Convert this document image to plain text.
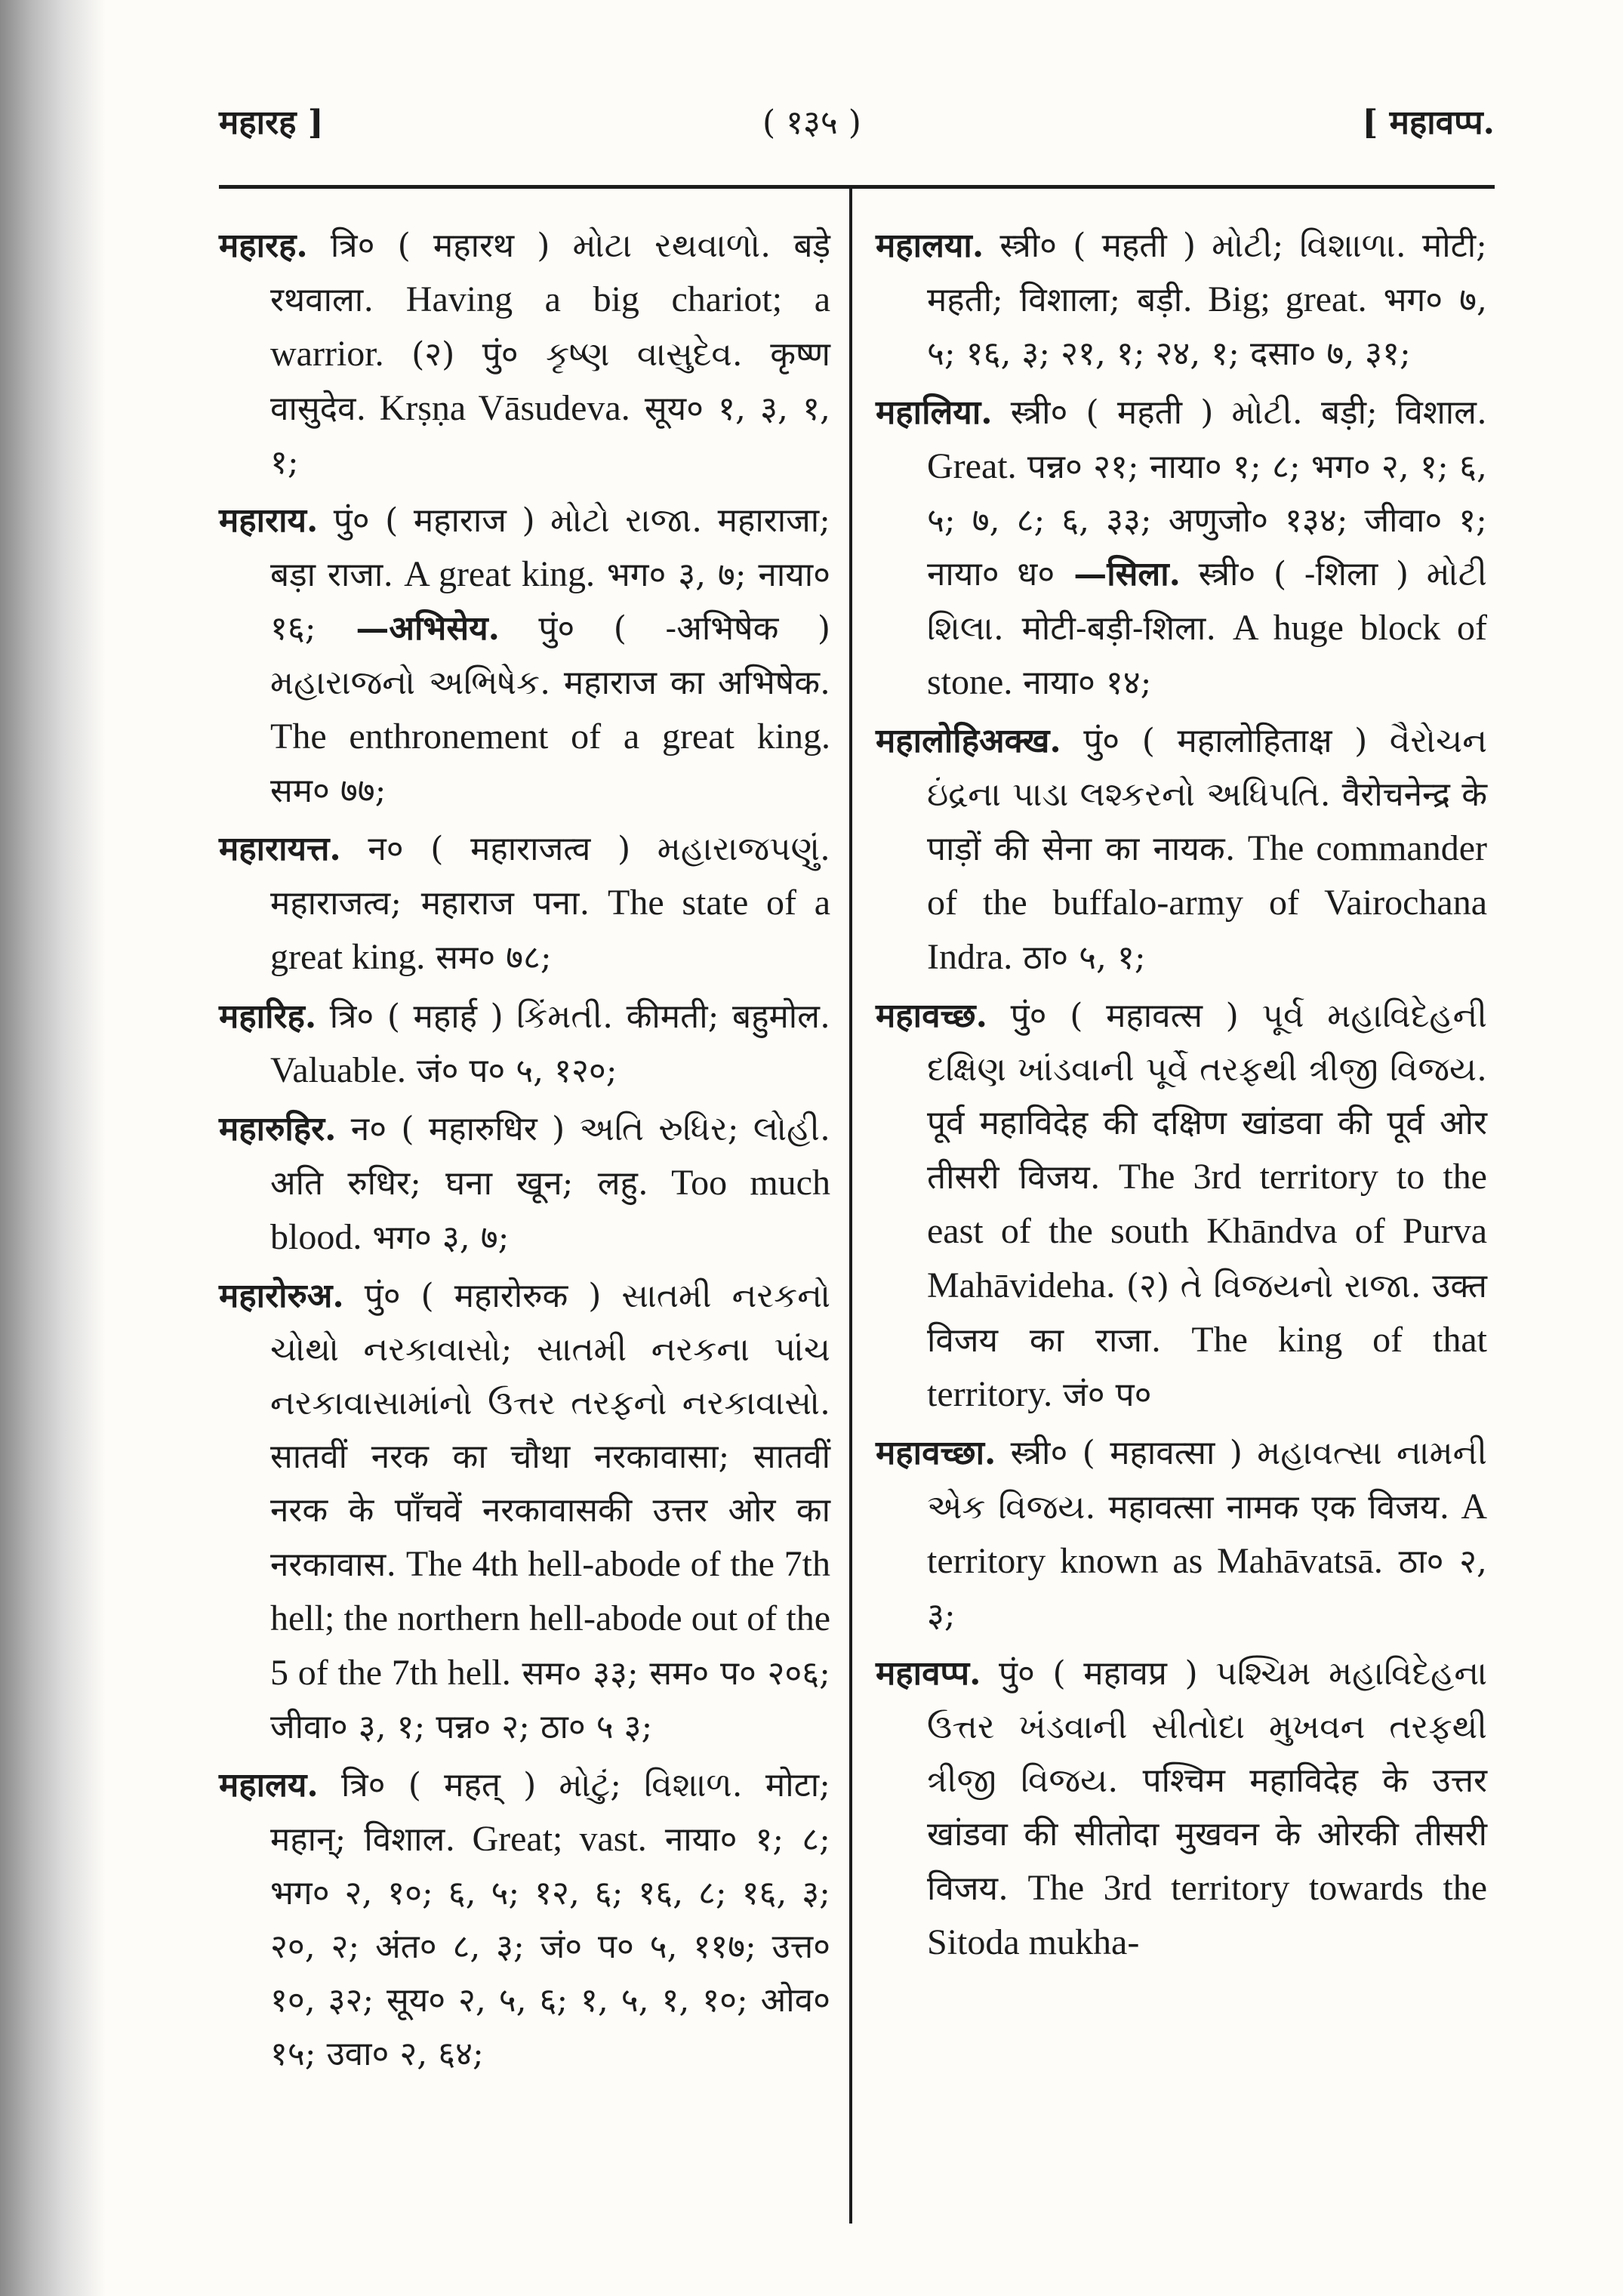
महारह ]	( १३५ )	[ महावप्प.

महारह. त्रि० ( महारथ ) મોટા રથવાળો. बड़े रथवाला. Having a big chariot; a warrior. (२) पुं० કૃષ્ણ વાસુદેવ. कृष्ण वासुदेव. Krṣṇa Vāsudeva. सूय० १, ३, १, १;

महाराय. पुं० ( महाराज ) મોટો રાજા. महाराजा; बड़ा राजा. A great king. भग० ३, ७; नाया० १६; —अभिसेय. पुं० ( -अभिषेक ) મહારાજનો અભિષેક. महाराज का अभिषेक. The enthronement of a great king. सम० ७७;

महारायत्त. न० ( महाराजत्व ) મહારાજપણું. महाराजत्व; महाराज पना. The state of a great king. सम० ७८;

महारिह. त्रि० ( महार्ह ) કિંમતી. कीमती; बहुमोल. Valuable. जं० प० ५, १२०;

महारुहिर. न० ( महारुधिर ) અતિ રુધિર; લોહી. अति रुधिर; घना खून; लहु. Too much blood. भग० ३, ७;

महारोरुअ. पुं० ( महारोरुक ) સાતમી નરકનો ચોથો નરકાવાસો; સાતમી નરકના પાંચ નરકાવાસામાંનો ઉત્તર તરફનો નરકાવાસો. सातवीं नरक का चौथा नरकावासा; सातवीं नरक के पाँचवें नरकावासकी उत्तर ओर का नरकावास. The 4th hell-abode of the 7th hell; the northern hell-abode out of the 5 of the 7th hell. सम० ३३; सम० प० २०६; जीवा० ३, १; पन्न० २; ठा० ५ ३;

महालय. त्रि० ( महत् ) મોટું; વિશાળ. मोटा; महान्; विशाल. Great; vast. नाया० १; ८; भग० २, १०; ६, ५; १२, ६; १६, ८; १६, ३; २०, २; अंत० ८, ३; जं० प० ५, ११७; उत्त० १०, ३२; सूय० २, ५, ६; १, ५, १, १०; ओव० १५; उवा० २, ६४;

महालया. स्त्री० ( महती ) મોટી; વિશાળા. मोटी; महती; विशाला; बड़ी. Big; great. भग० ७, ५; १६, ३; २१, १; २४, १; दसा० ७, ३१;

महालिया. स्त्री० ( महती ) મોટી. बड़ी; विशाल. Great. पन्न० २१; नाया० १; ८; भग० २, १; ६, ५; ७, ८; ६, ३३; अणुजो० १३४; जीवा० १; नाया० ध० —सिला. स्त्री० ( -शिला ) મોટી શિલા. मोटी-बड़ी-शिला. A huge block of stone. नाया० १४;

महालोहिअक्ख. पुं० ( महालोहिताक्ष ) વૈરોચન ઇંદ્રના પાડા લશ્કરનો અધિપતિ. वैरोचनेन्द्र के पाड़ों की सेना का नायक. The commander of the buffalo-army of Vairochana Indra. ठा० ५, १;

महावच्छ. पुं० ( महावत्स ) પૂર્વ મહાવિદેહની દક્ષિણ ખાંડવાની પૂર્વે તરફથી ત્રીજી વિજય. पूर्व महाविदेह की दक्षिण खांडवा की पूर्व ओर तीसरी विजय. The 3rd territory to the east of the south Khāndva of Purva Mahāvideha. (२) તે વિજયનો રાજા. उक्त विजय का राजा. The king of that territory. जं० प०

महावच्छा. स्त्री० ( महावत्सा ) મહાવત્સા નામની એક વિજય. महावत्सा नामक एक विजय. A territory known as Mahāvatsā. ठा० २, ३;

महावप्प. पुं० ( महावप्र ) પશ્ચિમ મહાવિદેહના ઉત્તર ખંડવાની સીતોદા મુખવન તરફથી ત્રીજી વિજય. पश्चिम महाविदेह के उत्तर खांडवा की सीतोदा मुखवन के ओरकी तीसरी विजय. The 3rd territory towards the Sitoda mukha-
